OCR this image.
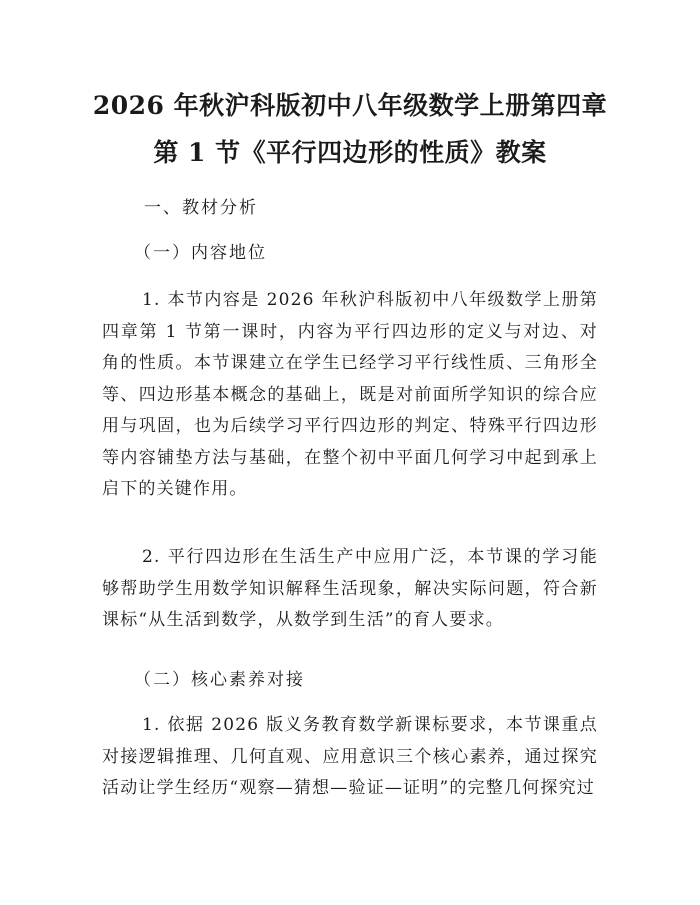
2026 年秋沪科版初中八年级数学上册第四章
第 1 节《平行四边形的性质》教案
一、教材分析
（一）内容地位

1. 本节内容是 2026 年秋沪科版初中八年级数学上册第四章第 1 节第一课时，内容为平行四边形的定义与对边、对角的性质。本节课建立在学生已经学习平行线性质、三角形全等、四边形基本概念的基础上，既是对前面所学知识的综合应用与巩固，也为后续学习平行四边形的判定、特殊平行四边形等内容铺垫方法与基础，在整个初中平面几何学习中起到承上启下的关键作用。

2. 平行四边形在生活生产中应用广泛，本节课的学习能够帮助学生用数学知识解释生活现象，解决实际问题，符合新课标“从生活到数学，从数学到生活”的育人要求。

（二）核心素养对接

1. 依据 2026 版义务教育数学新课标要求，本节课重点对接逻辑推理、几何直观、应用意识三个核心素养，通过探究活动让学生经历“观察—猜想—验证—证明”的完整几何探究过
